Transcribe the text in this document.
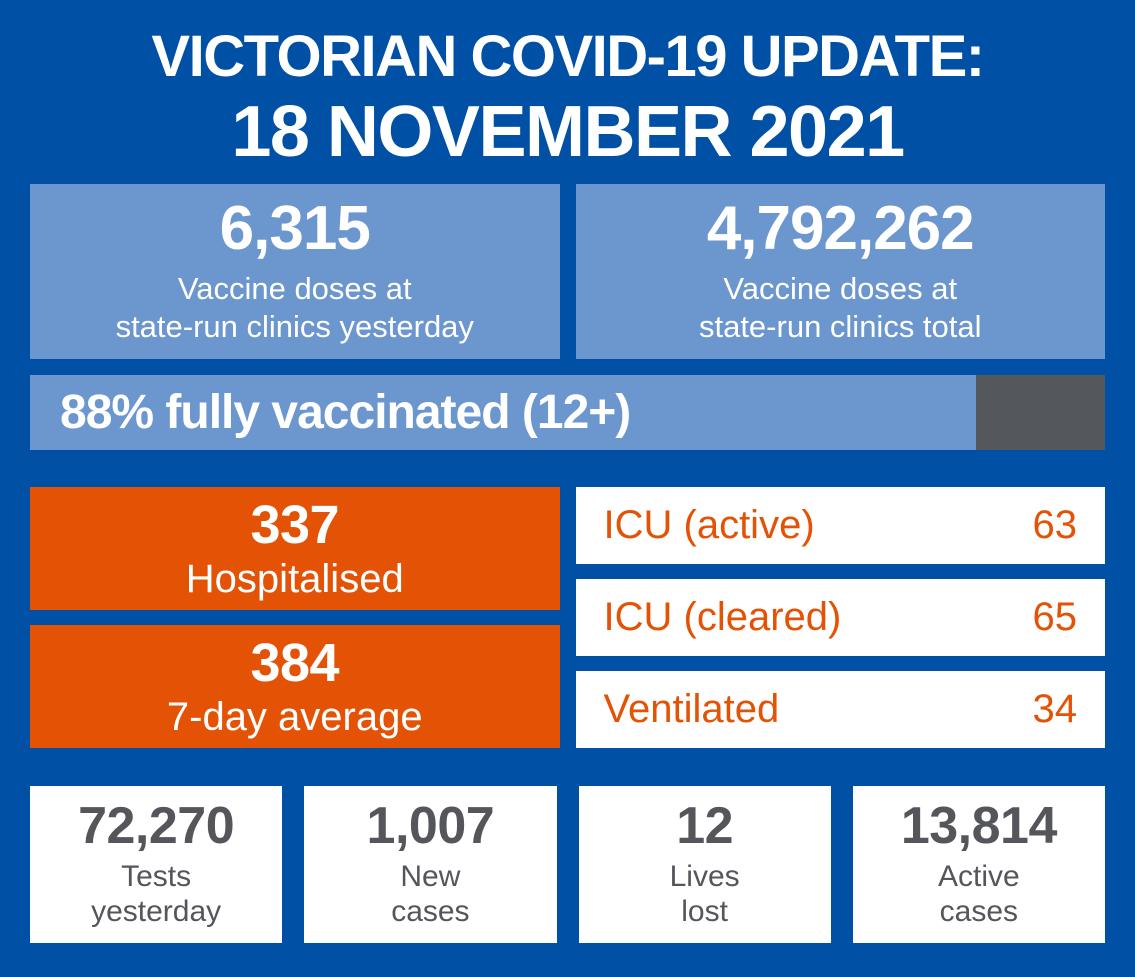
VICTORIAN COVID-19 UPDATE:
18 NOVEMBER 2021
6,315
Vaccine doses at
state-run clinics yesterday
4,792,262
Vaccine doses at
state-run clinics total
88% fully vaccinated (12+)
337
Hospitalised
384
7-day average
ICU (active)	63
ICU (cleared)	65
Ventilated	34
72,270
Tests
yesterday
1,007
New
cases
12
Lives
lost
13,814
Active
cases
